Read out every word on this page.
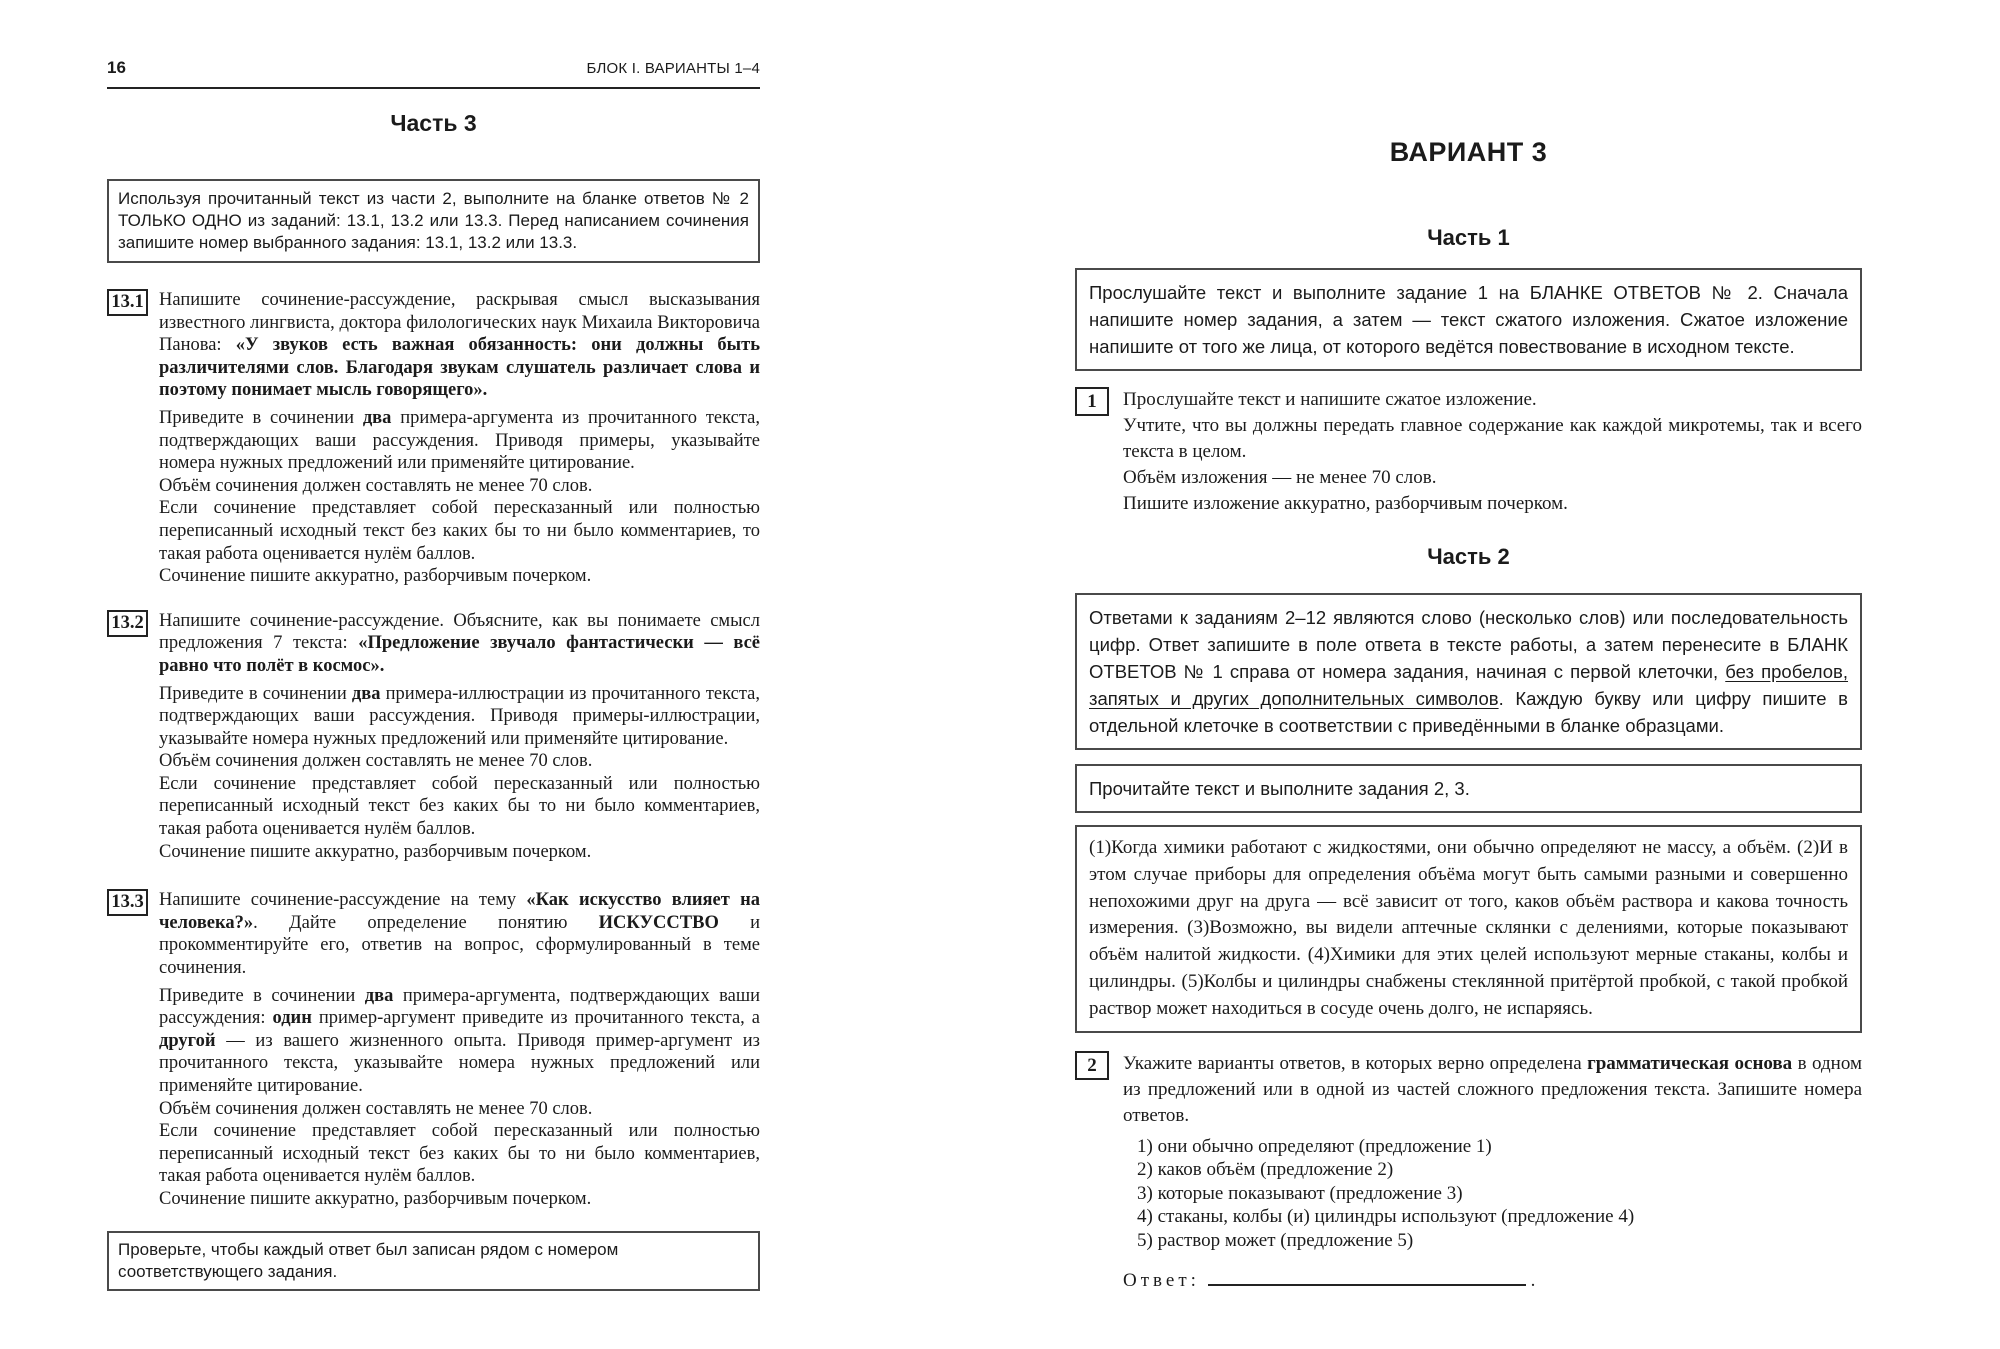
16	БЛОК I. ВАРИАНТЫ 1–4
Часть 3
Используя прочитанный текст из части 2, выполните на бланке ответов № 2 ТОЛЬКО ОДНО из заданий: 13.1, 13.2 или 13.3. Перед написанием сочинения запишите номер выбранного задания: 13.1, 13.2 или 13.3.
13.1 Напишите сочинение-рассуждение, раскрывая смысл высказывания известного лингвиста, доктора филологических наук Михаила Викторовича Панова: «У звуков есть важная обязанность: они должны быть различителями слов. Благодаря звукам слушатель различает слова и поэтому понимает мысль говорящего».

Приведите в сочинении два примера-аргумента из прочитанного текста, подтверждающих ваши рассуждения. Приводя примеры, указывайте номера нужных предложений или применяйте цитирование.

Объём сочинения должен составлять не менее 70 слов.

Если сочинение представляет собой пересказанный или полностью переписанный исходный текст без каких бы то ни было комментариев, то такая работа оценивается нулём баллов.

Сочинение пишите аккуратно, разборчивым почерком.

13.2 Напишите сочинение-рассуждение. Объясните, как вы понимаете смысл предложения 7 текста: «Предложение звучало фантастически — всё равно что полёт в космос».

Приведите в сочинении два примера-иллюстрации из прочитанного текста, подтверждающих ваши рассуждения. Приводя примеры-иллюстрации, указывайте номера нужных предложений или применяйте цитирование.

Объём сочинения должен составлять не менее 70 слов.

Если сочинение представляет собой пересказанный или полностью переписанный исходный текст без каких бы то ни было комментариев, такая работа оценивается нулём баллов.

Сочинение пишите аккуратно, разборчивым почерком.

13.3 Напишите сочинение-рассуждение на тему «Как искусство влияет на человека?». Дайте определение понятию ИСКУССТВО и прокомментируйте его, ответив на вопрос, сформулированный в теме сочинения.

Приведите в сочинении два примера-аргумента, подтверждающих ваши рассуждения: один пример-аргумент приведите из прочитанного текста, а другой — из вашего жизненного опыта. Приводя пример-аргумент из прочитанного текста, указывайте номера нужных предложений или применяйте цитирование.

Объём сочинения должен составлять не менее 70 слов.

Если сочинение представляет собой пересказанный или полностью переписанный исходный текст без каких бы то ни было комментариев, такая работа оценивается нулём баллов.

Сочинение пишите аккуратно, разборчивым почерком.

Проверьте, чтобы каждый ответ был записан рядом с номером соответствующего задания.
ВАРИАНТ 3
Часть 1
Прослушайте текст и выполните задание 1 на БЛАНКЕ ОТВЕТОВ № 2. Сначала напишите номер задания, а затем — текст сжатого изложения. Сжатое изложение напишите от того же лица, от которого ведётся повествование в исходном тексте.
1	Прослушайте текст и напишите сжатое изложение.

Учтите, что вы должны передать главное содержание как каждой микротемы, так и всего текста в целом.

Объём изложения — не менее 70 слов.

Пишите изложение аккуратно, разборчивым почерком.

Часть 2
Ответами к заданиям 2–12 являются слово (несколько слов) или последовательность цифр. Ответ запишите в поле ответа в тексте работы, а затем перенесите в БЛАНК ОТВЕТОВ № 1 справа от номера задания, начиная с первой клеточки, без пробелов, запятых и других дополнительных символов. Каждую букву или цифру пишите в отдельной клеточке в соответствии с приведёнными в бланке образцами.
Прочитайте текст и выполните задания 2, 3.
(1)Когда химики работают с жидкостями, они обычно определяют не массу, а объём. (2)И в этом случае приборы для определения объёма могут быть самыми разными и совершенно непохожими друг на друга — всё зависит от того, каков объём раствора и какова точность измерения. (3)Возможно, вы видели аптечные склянки с делениями, которые показывают объём налитой жидкости. (4)Химики для этих целей используют мерные стаканы, колбы и цилиндры. (5)Колбы и цилиндры снабжены стеклянной притёртой пробкой, с такой пробкой раствор может находиться в сосуде очень долго, не испаряясь.
2	Укажите варианты ответов, в которых верно определена грамматическая основа в одном из предложений или в одной из частей сложного предложения текста. Запишите номера ответов.

1) они обычно определяют (предложение 1)
2) каков объём (предложение 2)
3) которые показывают (предложение 3)
4) стаканы, колбы (и) цилиндры используют (предложение 4)
5) раствор может (предложение 5)
Ответ:	.
